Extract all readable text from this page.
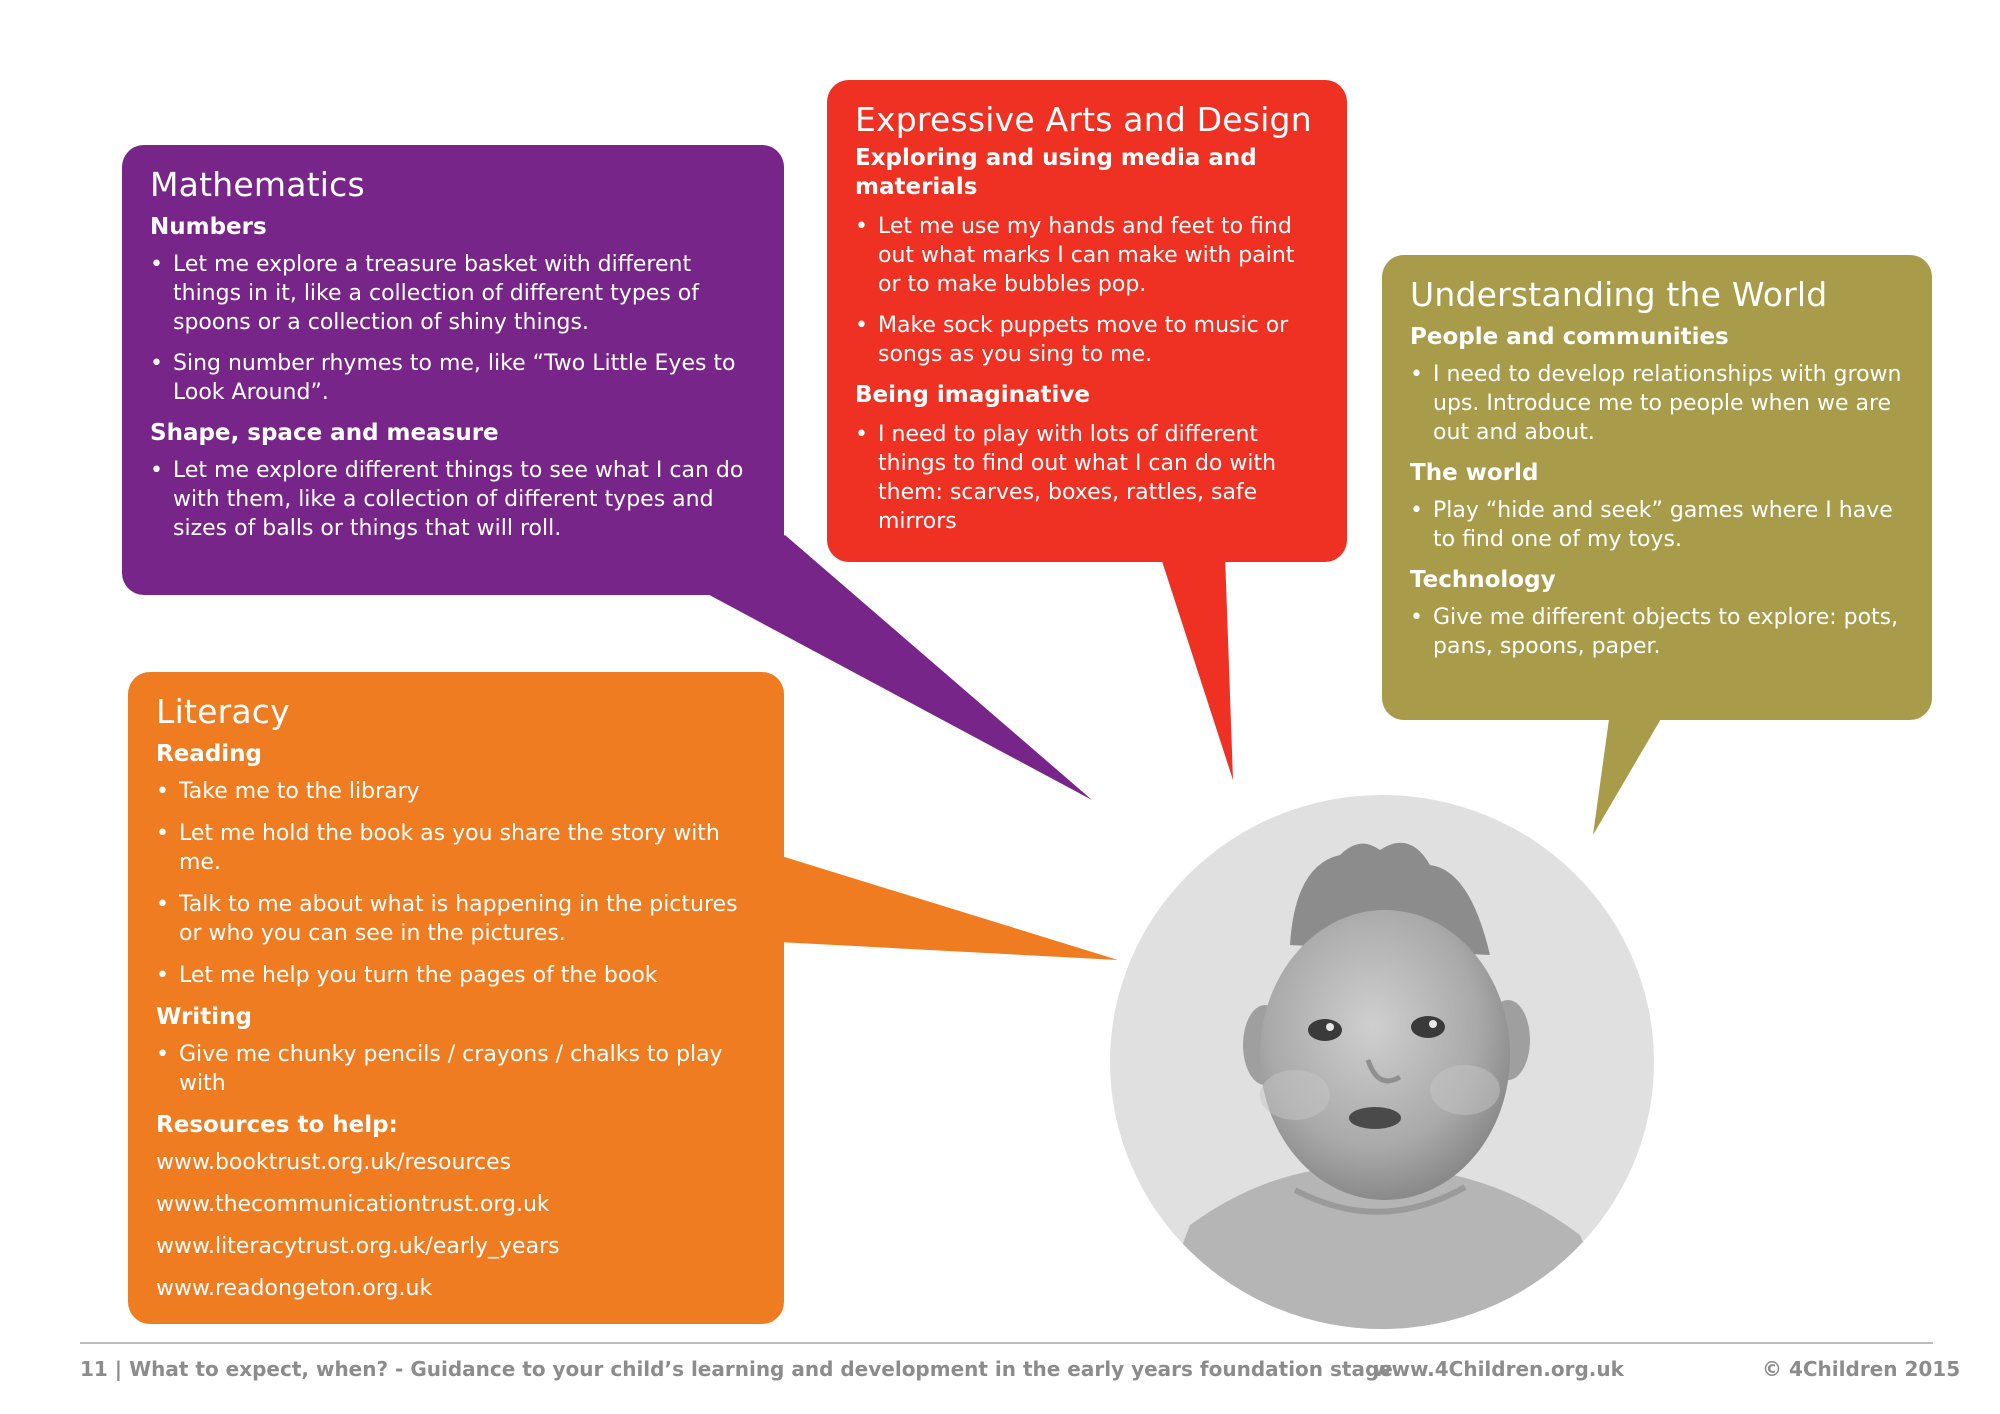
Mathematics
Numbers
• Let me explore a treasure basket with different things in it, like a collection of different types of spoons or a collection of shiny things.
• Sing number rhymes to me, like “Two Little Eyes to Look Around”.
Shape, space and measure
• Let me explore different things to see what I can do with them, like a collection of different types and sizes of balls or things that will roll.
Expressive Arts and Design
Exploring and using media and materials
• Let me use my hands and feet to find out what marks I can make with paint or to make bubbles pop.
• Make sock puppets move to music or songs as you sing to me.
Being imaginative
• I need to play with lots of different things to find out what I can do with them: scarves, boxes, rattles, safe mirrors
Understanding the World
People and communities
• I need to develop relationships with grown ups. Introduce me to people when we are out and about.
The world
• Play “hide and seek” games where I have to find one of my toys.
Technology
• Give me different objects to explore: pots, pans, spoons, paper.
Literacy
Reading
• Take me to the library
• Let me hold the book as you share the story with me.
• Talk to me about what is happening in the pictures or who you can see in the pictures.
• Let me help you turn the pages of the book
Writing
• Give me chunky pencils / crayons / chalks to play with
Resources to help:
www.booktrust.org.uk/resources
www.thecommunicationtrust.org.uk
www.literacytrust.org.uk/early_years
www.readongeton.org.uk
11 | What to expect, when? - Guidance to your child’s learning and development in the early years foundation stage
www.4Children.org.uk	© 4Children 2015
